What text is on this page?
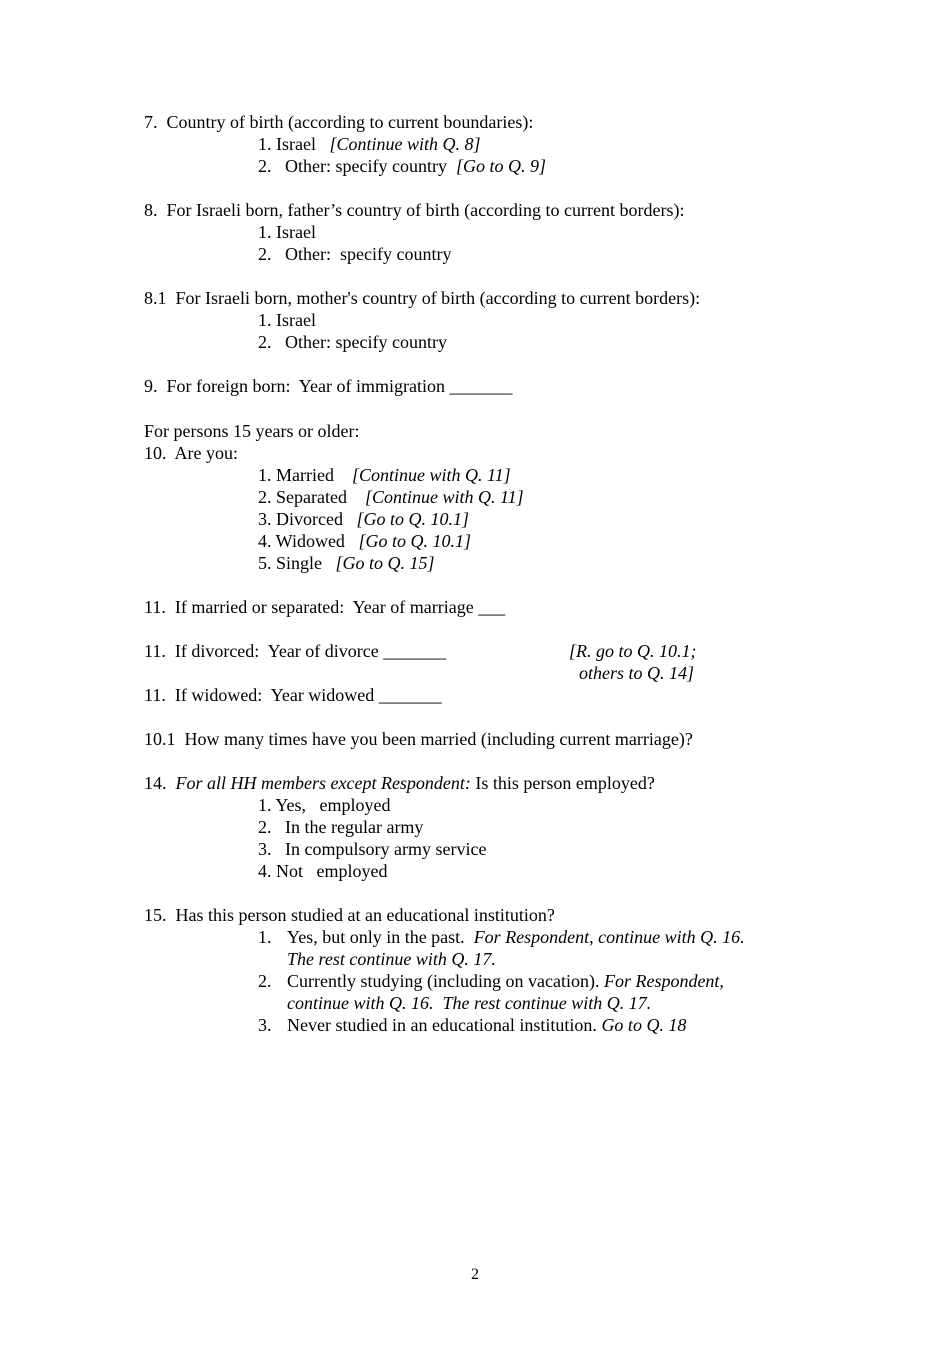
7.  Country of birth (according to current boundaries):
1. Israel   [Continue with Q. 8]
2.   Other: specify country  [Go to Q. 9]
8.  For Israeli born, father’s country of birth (according to current borders):
1. Israel
2.   Other:  specify country
8.1  For Israeli born, mother's country of birth (according to current borders):
1. Israel
2.   Other: specify country
9.  For foreign born:  Year of immigration _______
For persons 15 years or older:
10.  Are you:
1. Married    [Continue with Q. 11]
2. Separated    [Continue with Q. 11]
3. Divorced   [Go to Q. 10.1]
4. Widowed   [Go to Q. 10.1]
5. Single   [Go to Q. 15]
11.  If married or separated:  Year of marriage ___
11.  If divorced:  Year of divorce _______	[R. go to Q. 10.1;
others to Q. 14]
11.  If widowed:  Year widowed _______
10.1  How many times have you been married (including current marriage)?
14.  For all HH members except Respondent: Is this person employed?
1. Yes,   employed
2.   In the regular army
3.   In compulsory army service
4. Not   employed
15.  Has this person studied at an educational institution?
1. Yes, but only in the past.  For Respondent, continue with Q. 16.
The rest continue with Q. 17.
2. Currently studying (including on vacation). For Respondent,
continue with Q. 16.  The rest continue with Q. 17.
3. Never studied in an educational institution. Go to Q. 18
2
